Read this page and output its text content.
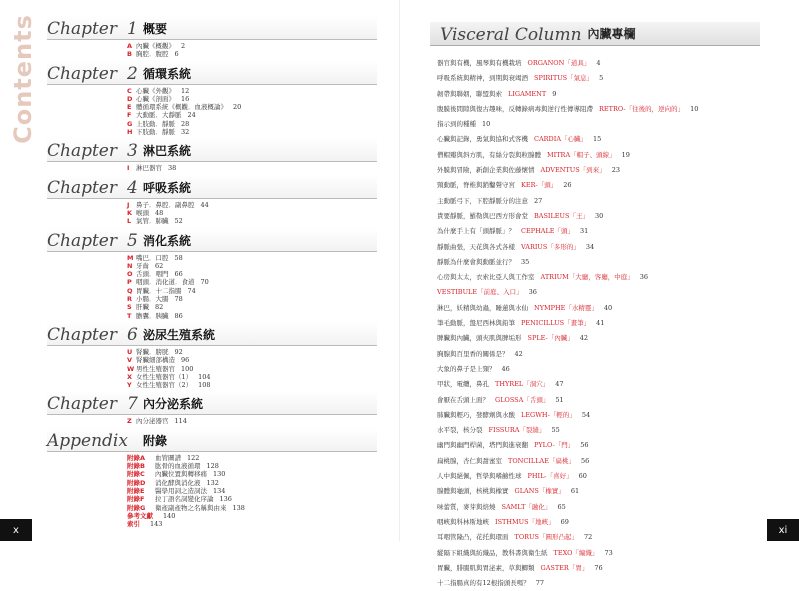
Contents Chapter 1 概要
A 內臟《概觀》 2
B 胸腔．腹腔 6
Chapter 2 循環系統
C 心臟《外觀》 12
D 心臟《剖面》 16
E 體循環系統《概觀．血液概論》 20
F 大動脈．大靜脈 24
G 上肢動．靜脈 28
H 下肢動．靜脈 32
Chapter 3 淋巴系統
I	淋巴器官 38
Chapter 4 呼吸系統
J	鼻子．鼻腔．副鼻腔 44
K 喉頭 48
L 氣管．肺臟 52
Chapter 5 消化系統
M 嘴巴．口腔 58
N 牙齒 62
O 舌頭．咽門 66
P 咽頭．消化道．食道 70
Q 胃臟．十二指腸 74
R 小腸．大腸 78
S 肝臟 82
T 膽囊．胰臟 86
Chapter 6 泌尿生殖系統
U 腎臟．膀胱 92
V 腎臟細部構造 96
W 男性生殖器官 100
X 女性生殖器官（1） 104
Y 女性生殖器官（2） 108
Chapter 7 內分泌系統
Z 內分泌器官 114
Appendix	附錄
附錄A	血管圖譜 122
附錄B	肱骨的血液循環 128
附錄C	內臟位置與轉移痛 130
附錄D	消化酵與消化液 132
附錄E	醫學用詞之造詞法 134
附錄F	拉丁語名詞變化序論 136
附錄G	衛產副產物之名稱與由來 138
參考文獻 140
索引 143
x
Visceral Column 內臟專欄
器官與有機，風琴與有機栽培 ORGANON「道具」 4
呼吸系統與精神，到期與衰竭酒 SPIRITUS「氣息」 5
韌帶與聯姻，聯盟與索 LIGAMENT 9
腹膜後間隙與復古趣味，反轉錄病毒與逆行性傳導阻滯 RETRO-「往後的，逆向的」 10
指示到的種種 10
心臟與記錄，勇氣與協和式客機 CARDIA「心臟」 15
僧帽瓣與斜方肌，有絲分裂與粒腺體 MITRA「帽子、頭線」 19
外膜與冒險，新創企業與佐藤懷情 ADVENTUS「到來」 23
頸動脈，脊椎與銷鑿聲守宮 KER-「頭」 26
主動脈弓下，下腔靜脈分的注意 27
貴要靜脈，羅勒與巴西方形會堂 BASILEUS「王」 30
為什麼手上有「頭靜脈」？ CEPHALE「頭」 31
靜脈曲張，天花與各式各樣 VARIUS「多形的」 34
靜脈為什麼會與動脈並行？ 35
心房與太太，衣索比亞人與工作室 ATRIUM「大廳，客廳，中庭」 36
VESTIBULE「前庭、入口」 36
淋巴，妖精與幼蟲，睡蓮與水仙 NYMPHE「水精靈」 40
筆毛動脈，盤尼西林與鉛筆 PENICILLUS「畫筆」 41
脾臟與內臟，頭夾肌與脾垢形 SPLE-「內臟」 42
胸腺與百里香的關係是？ 42
大象的鼻子是上頸？ 46
甲狀，電纜，鼻孔 THYREL「洞穴」 47
會厭在舌頭上面？ GLOSSA「舌頭」 51
肺臟與輕巧，發酵劑與水酸 LEGWH-「輕的」 54
水平裂，核分裂 FISSURA「裂縫」 55
幽門與幽門桿菌，塔門與進衰翻 PYLO-「門」 56
扁桃腺，杏仁與甜蜜室 TONCILLAE「扁桃」 56
人中與絕佩，哲學與嗜鹼性球 PHIL-「喜好」 60
腺體與龜頭，核桃與橡實 GLANS「橡實」 61
味蕾質，麥芽與焙燒 SAMLT「融化」 65
咽峽與科林斯地峽 ISTHMUS「地峽」 69
耳咽管隆凸，花托與環面 TORUS「圓形凸起」 72
縱隔下組織與紡織品，教科書與衛生紙 TEXO「編織」 73
胃臟，腓腸肌與胃泌素，草與鯽類 GASTER「胃」 76
十二指腸真的有12根指頭長嗎？ 77
xi
